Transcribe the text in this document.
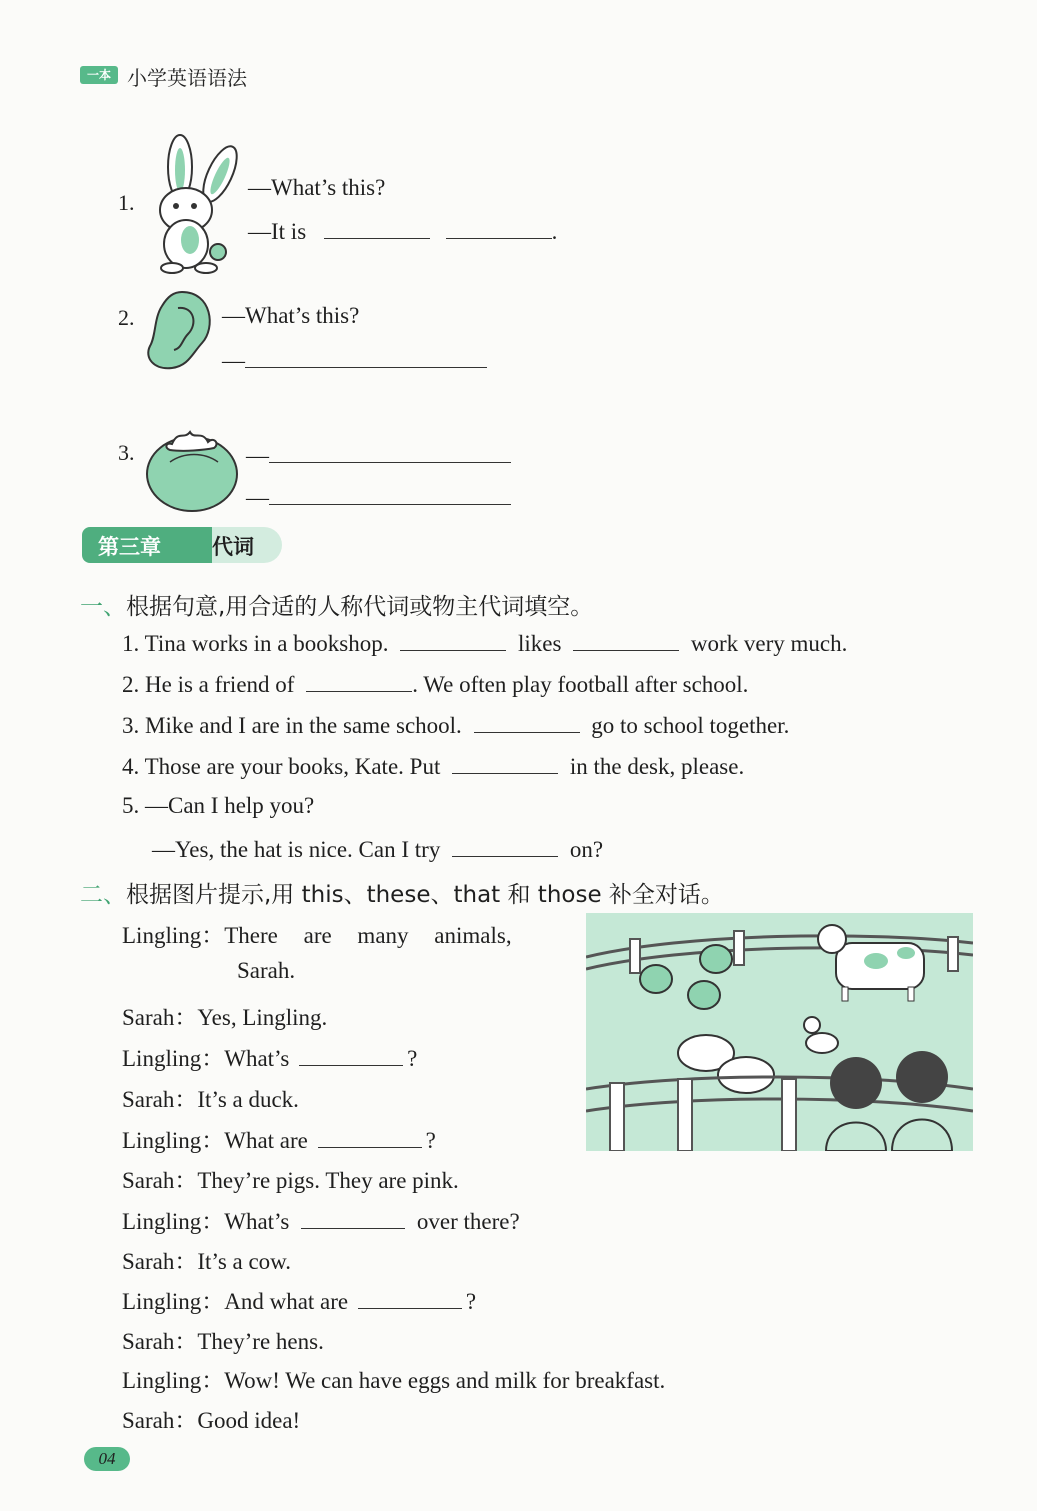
一本 小学英语语法
1.
—What’s this?
—It is	.
2.	—What’s this?
—
3.	—
—
第三章 代词
一、根据句意,用合适的人称代词或物主代词填空。
1. Tina works in a bookshop.	likes	work very much.
2. He is a friend of	. We often play football after school.
3. Mike and I are in the same school.	go to school together.
4. Those are your books, Kate. Put	in the desk, please.
5. —Can I help you?
—Yes, the hat is nice. Can I try	on?
二、根据图片提示,用 this、these、that 和 those 补全对话。
Lingling：There are many animals,
Sarah.
Sarah：Yes, Lingling.
Lingling：What’s	?
Sarah：It’s a duck.
Lingling：What are	?
Sarah：They’re pigs. They are pink.
Lingling：What’s	over there?
Sarah：It’s a cow.
Lingling：And what are	?
Sarah：They’re hens.
Lingling：Wow! We can have eggs and milk for breakfast.
Sarah：Good idea!
04
